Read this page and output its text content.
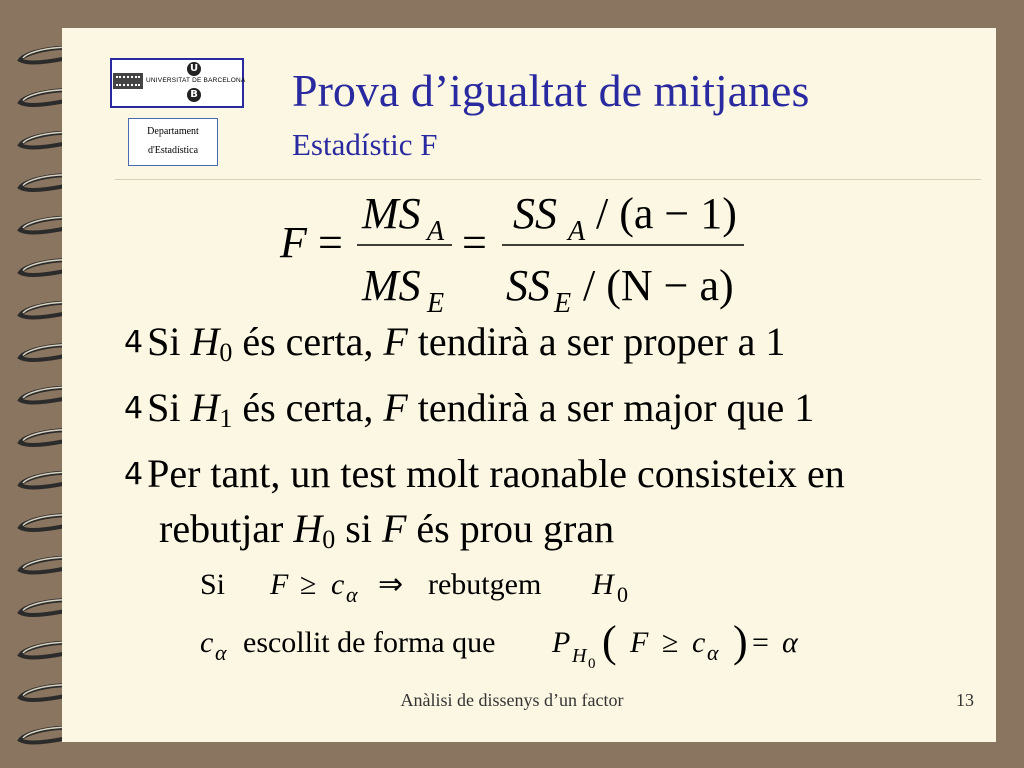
U
UNIVERSITAT DE BARCELONA
B
Departament
d'Estadística
Prova d’igualtat de mitjanes
Estadístic F
F =
MS A
MS E
=
SS A / (a − 1)
SS E / (N − a)
4 Si $H_0$ és certa, F tendirà a ser proper a 1
4 Si $H_1$ és certa, F tendirà a ser major que 1
4 Per tant, un test molt raonable consisteix en
rebutjar $H_0$ si F és prou gran
Si F ≥ c α ⇒ rebutgem H 0
c α escollit de forma que P H 0 ( F ≥ c α ) = α
Anàlisi de dissenys d’un factor	13
